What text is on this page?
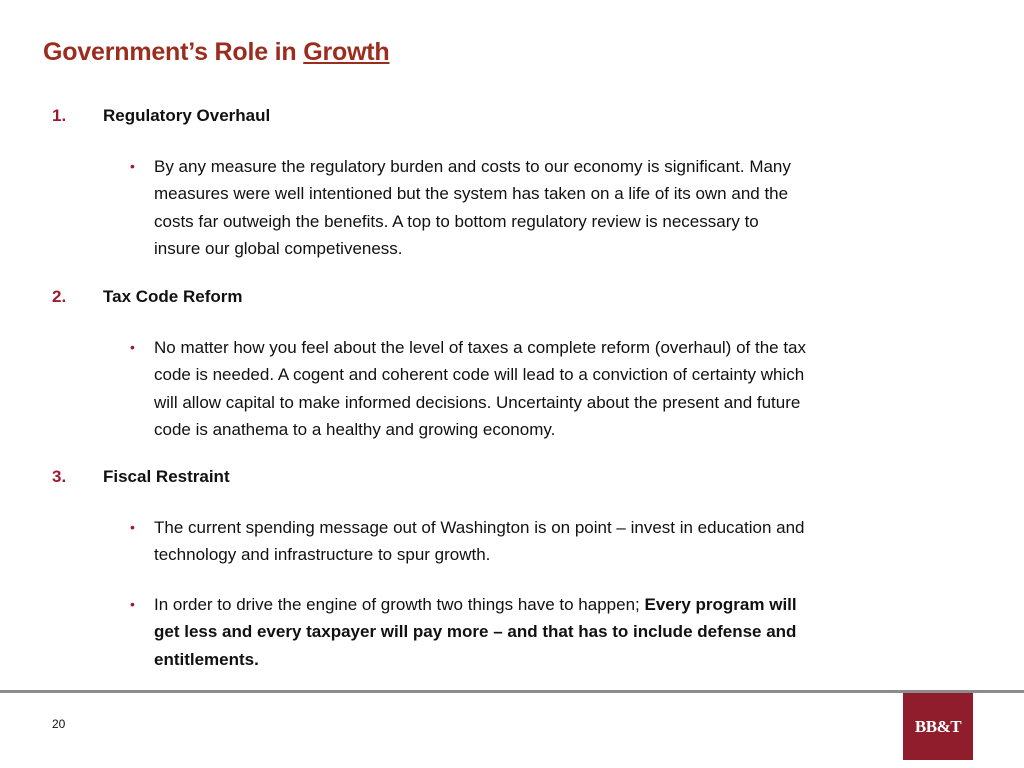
Government’s Role in Growth
1. Regulatory Overhaul
• By any measure the regulatory burden and costs to our economy is significant. Many
measures were well intentioned but the system has taken on a life of its own and the
costs far outweigh the benefits. A top to bottom regulatory review is necessary to
insure our global competiveness.
2. Tax Code Reform
• No matter how you feel about the level of taxes a complete reform (overhaul) of the tax
code is needed. A cogent and coherent code will lead to a conviction of certainty which
will allow capital to make informed decisions. Uncertainty about the present and future
code is anathema to a healthy and growing economy.
3. Fiscal Restraint
• The current spending message out of Washington is on point – invest in education and
technology and infrastructure to spur growth.
• In order to drive the engine of growth two things have to happen; Every program will
get less and every taxpayer will pay more – and that has to include defense and
entitlements.
20	BB&T
